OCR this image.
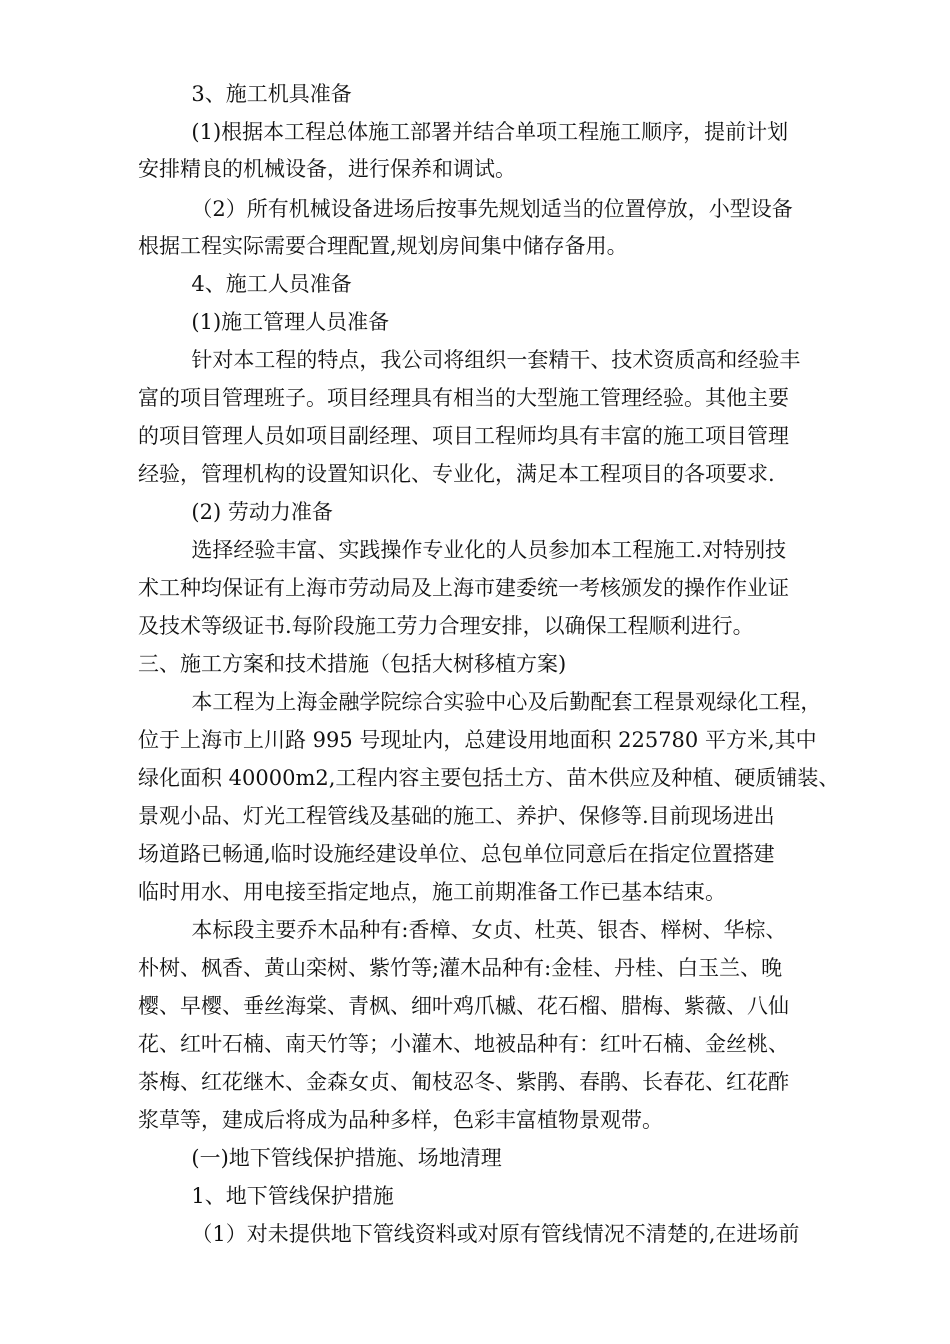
3、施工机具准备
(1)根据本工程总体施工部署并结合单项工程施工顺序，提前计划
安排精良的机械设备，进行保养和调试。
（2）所有机械设备进场后按事先规划适当的位置停放，小型设备
根据工程实际需要合理配置,规划房间集中储存备用。
4、施工人员准备
(1)施工管理人员准备
针对本工程的特点，我公司将组织一套精干、技术资质高和经验丰
富的项目管理班子。项目经理具有相当的大型施工管理经验。其他主要
的项目管理人员如项目副经理、项目工程师均具有丰富的施工项目管理
经验，管理机构的设置知识化、专业化，满足本工程项目的各项要求.
(2) 劳动力准备
选择经验丰富、实践操作专业化的人员参加本工程施工.对特别技
术工种均保证有上海市劳动局及上海市建委统一考核颁发的操作作业证
及技术等级证书.每阶段施工劳力合理安排，以确保工程顺利进行。
三、施工方案和技术措施（包括大树移植方案)
本工程为上海金融学院综合实验中心及后勤配套工程景观绿化工程，
位于上海市上川路 995 号现址内，总建设用地面积 225780 平方米,其中
绿化面积 40000m2,工程内容主要包括土方、苗木供应及种植、硬质铺装、
景观小品、灯光工程管线及基础的施工、养护、保修等.目前现场进出
场道路已畅通,临时设施经建设单位、总包单位同意后在指定位置搭建
临时用水、用电接至指定地点，施工前期准备工作已基本结束。
本标段主要乔木品种有:香樟、女贞、杜英、银杏、榉树、华棕、
朴树、枫香、黄山栾树、紫竹等;灌木品种有:金桂、丹桂、白玉兰、晚
樱、早樱、垂丝海棠、青枫、细叶鸡爪槭、花石榴、腊梅、紫薇、八仙
花、红叶石楠、南天竹等；小灌木、地被品种有：红叶石楠、金丝桃、
茶梅、红花继木、金森女贞、匍枝忍冬、紫鹃、春鹃、长春花、红花酢
浆草等，建成后将成为品种多样，色彩丰富植物景观带。
(一)地下管线保护措施、场地清理
1、地下管线保护措施
（1）对未提供地下管线资料或对原有管线情况不清楚的,在进场前
